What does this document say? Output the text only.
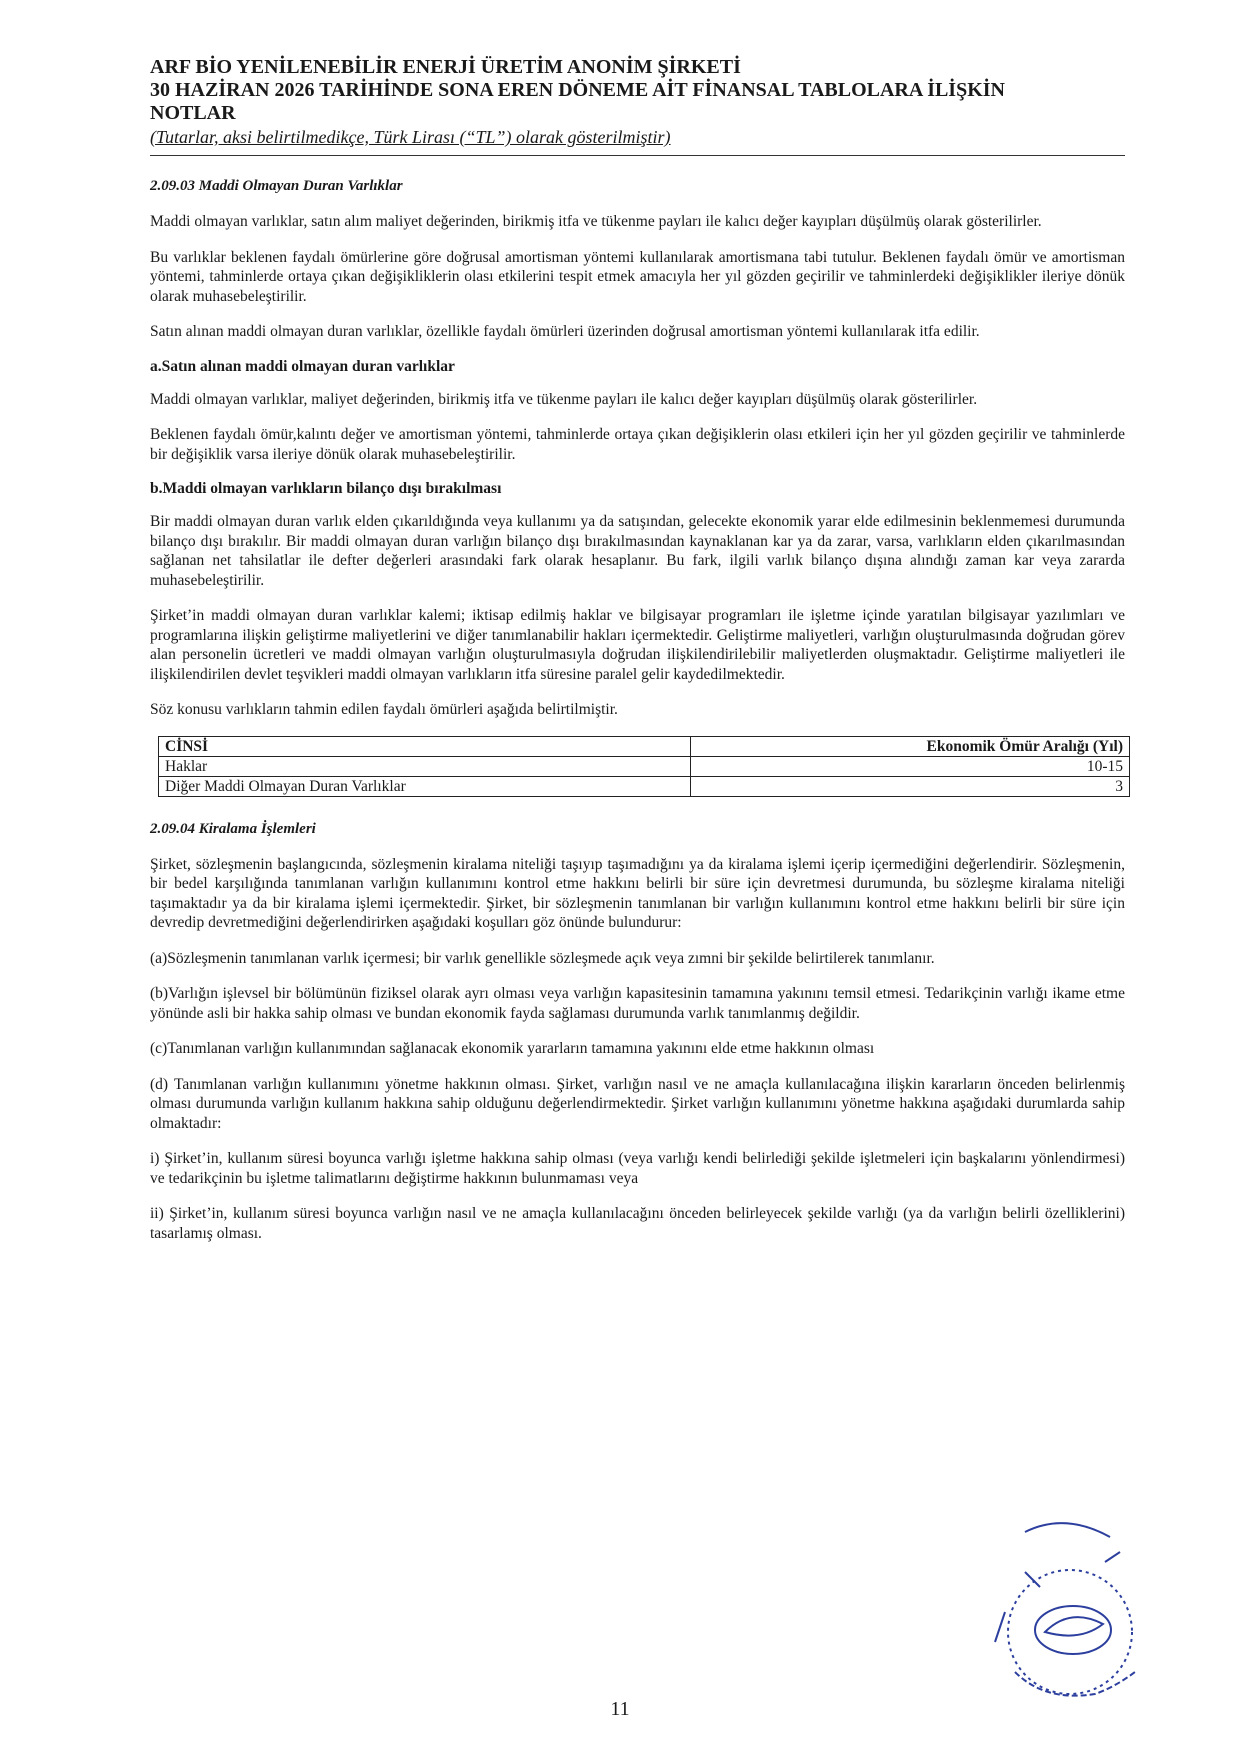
ARF BİO YENİLENEBİLİR ENERJİ ÜRETİM ANONİM ŞİRKETİ
30 HAZİRAN 2026 TARİHİNDE SONA EREN DÖNEME AİT FİNANSAL TABLOLARA İLİŞKİN
NOTLAR
(Tutarlar, aksi belirtilmedikçe, Türk Lirası (“TL”) olarak gösterilmiştir)
2.09.03 Maddi Olmayan Duran Varlıklar

Maddi olmayan varlıklar, satın alım maliyet değerinden, birikmiş itfa ve tükenme payları ile kalıcı değer kayıpları düşülmüş olarak gösterilirler.

Bu varlıklar beklenen faydalı ömürlerine göre doğrusal amortisman yöntemi kullanılarak amortismana tabi tutulur. Beklenen faydalı ömür ve amortisman yöntemi, tahminlerde ortaya çıkan değişikliklerin olası etkilerini tespit etmek amacıyla her yıl gözden geçirilir ve tahminlerdeki değişiklikler ileriye dönük olarak muhasebeleştirilir.

Satın alınan maddi olmayan duran varlıklar, özellikle faydalı ömürleri üzerinden doğrusal amortisman yöntemi kullanılarak itfa edilir.

a.Satın alınan maddi olmayan duran varlıklar

Maddi olmayan varlıklar, maliyet değerinden, birikmiş itfa ve tükenme payları ile kalıcı değer kayıpları düşülmüş olarak gösterilirler.

Beklenen faydalı ömür,kalıntı değer ve amortisman yöntemi, tahminlerde ortaya çıkan değişiklerin olası etkileri için her yıl gözden geçirilir ve tahminlerde bir değişiklik varsa ileriye dönük olarak muhasebeleştirilir.

b.Maddi olmayan varlıkların bilanço dışı bırakılması

Bir maddi olmayan duran varlık elden çıkarıldığında veya kullanımı ya da satışından, gelecekte ekonomik yarar elde edilmesinin beklenmemesi durumunda bilanço dışı bırakılır. Bir maddi olmayan duran varlığın bilanço dışı bırakılmasından kaynaklanan kar ya da zarar, varsa, varlıkların elden çıkarılmasından sağlanan net tahsilatlar ile defter değerleri arasındaki fark olarak hesaplanır. Bu fark, ilgili varlık bilanço dışına alındığı zaman kar veya zararda muhasebeleştirilir.

Şirket’in maddi olmayan duran varlıklar kalemi; iktisap edilmiş haklar ve bilgisayar programları ile işletme içinde yaratılan bilgisayar yazılımları ve programlarına ilişkin geliştirme maliyetlerini ve diğer tanımlanabilir hakları içermektedir. Geliştirme maliyetleri, varlığın oluşturulmasında doğrudan görev alan personelin ücretleri ve maddi olmayan varlığın oluşturulmasıyla doğrudan ilişkilendirilebilir maliyetlerden oluşmaktadır. Geliştirme maliyetleri ile ilişkilendirilen devlet teşvikleri maddi olmayan varlıkların itfa süresine paralel gelir kaydedilmektedir.

Söz konusu varlıkların tahmin edilen faydalı ömürleri aşağıda belirtilmiştir.

CİNSİ	Ekonomik Ömür Aralığı (Yıl)
Haklar	10-15
Diğer Maddi Olmayan Duran Varlıklar	3
2.09.04 Kiralama İşlemleri

Şirket, sözleşmenin başlangıcında, sözleşmenin kiralama niteliği taşıyıp taşımadığını ya da kiralama işlemi içerip içermediğini değerlendirir. Sözleşmenin, bir bedel karşılığında tanımlanan varlığın kullanımını kontrol etme hakkını belirli bir süre için devretmesi durumunda, bu sözleşme kiralama niteliği taşımaktadır ya da bir kiralama işlemi içermektedir. Şirket, bir sözleşmenin tanımlanan bir varlığın kullanımını kontrol etme hakkını belirli bir süre için devredip devretmediğini değerlendirirken aşağıdaki koşulları göz önünde bulundurur:

(a)Sözleşmenin tanımlanan varlık içermesi; bir varlık genellikle sözleşmede açık veya zımni bir şekilde belirtilerek tanımlanır.

(b)Varlığın işlevsel bir bölümünün fiziksel olarak ayrı olması veya varlığın kapasitesinin tamamına yakınını temsil etmesi. Tedarikçinin varlığı ikame etme yönünde asli bir hakka sahip olması ve bundan ekonomik fayda sağlaması durumunda varlık tanımlanmış değildir.

(c)Tanımlanan varlığın kullanımından sağlanacak ekonomik yararların tamamına yakınını elde etme hakkının olması

(d) Tanımlanan varlığın kullanımını yönetme hakkının olması. Şirket, varlığın nasıl ve ne amaçla kullanılacağına ilişkin kararların önceden belirlenmiş olması durumunda varlığın kullanım hakkına sahip olduğunu değerlendirmektedir. Şirket varlığın kullanımını yönetme hakkına aşağıdaki durumlarda sahip olmaktadır:

i) Şirket’in, kullanım süresi boyunca varlığı işletme hakkına sahip olması (veya varlığı kendi belirlediği şekilde işletmeleri için başkalarını yönlendirmesi) ve tedarikçinin bu işletme talimatlarını değiştirme hakkının bulunmaması veya

ii) Şirket’in, kullanım süresi boyunca varlığın nasıl ve ne amaçla kullanılacağını önceden belirleyecek şekilde varlığı (ya da varlığın belirli özelliklerini) tasarlamış olması.

11
